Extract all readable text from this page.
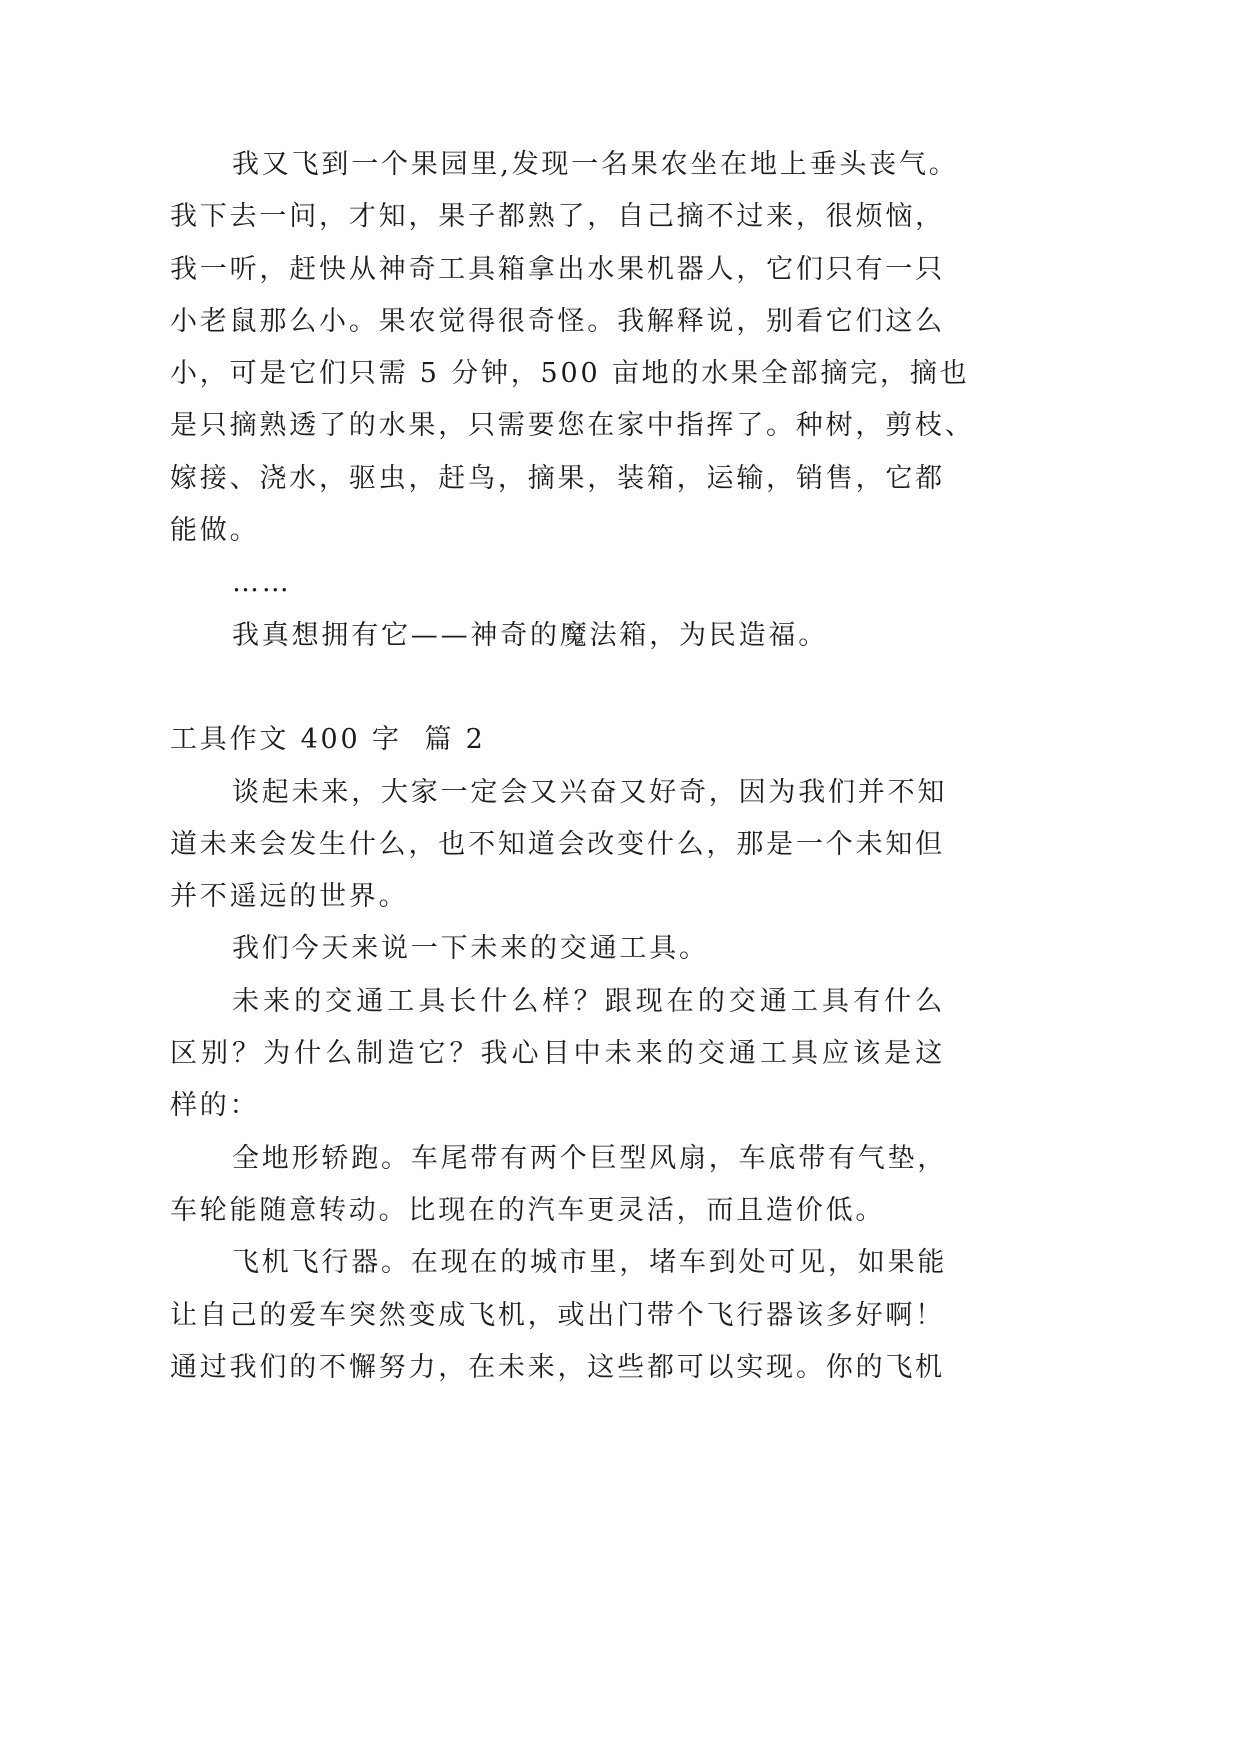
我又飞到一个果园里,发现一名果农坐在地上垂头丧气。
我下去一问，才知，果子都熟了，自己摘不过来，很烦恼，
我一听，赶快从神奇工具箱拿出水果机器人，它们只有一只
小老鼠那么小。果农觉得很奇怪。我解释说，别看它们这么
小，可是它们只需 5 分钟，500 亩地的水果全部摘完，摘也
是只摘熟透了的水果，只需要您在家中指挥了。种树，剪枝、
嫁接、浇水，驱虫，赶鸟，摘果，装箱，运输，销售，它都
能做。
……
我真想拥有它——神奇的魔法箱，为民造福。
工具作文 400 字  篇 2
谈起未来，大家一定会又兴奋又好奇，因为我们并不知
道未来会发生什么，也不知道会改变什么，那是一个未知但
并不遥远的世界。
我们今天来说一下未来的交通工具。
未来的交通工具长什么样？跟现在的交通工具有什么
区别？为什么制造它？我心目中未来的交通工具应该是这
样的：
全地形轿跑。车尾带有两个巨型风扇，车底带有气垫，
车轮能随意转动。比现在的汽车更灵活，而且造价低。
飞机飞行器。在现在的城市里，堵车到处可见，如果能
让自己的爱车突然变成飞机，或出门带个飞行器该多好啊！
通过我们的不懈努力，在未来，这些都可以实现。你的飞机
